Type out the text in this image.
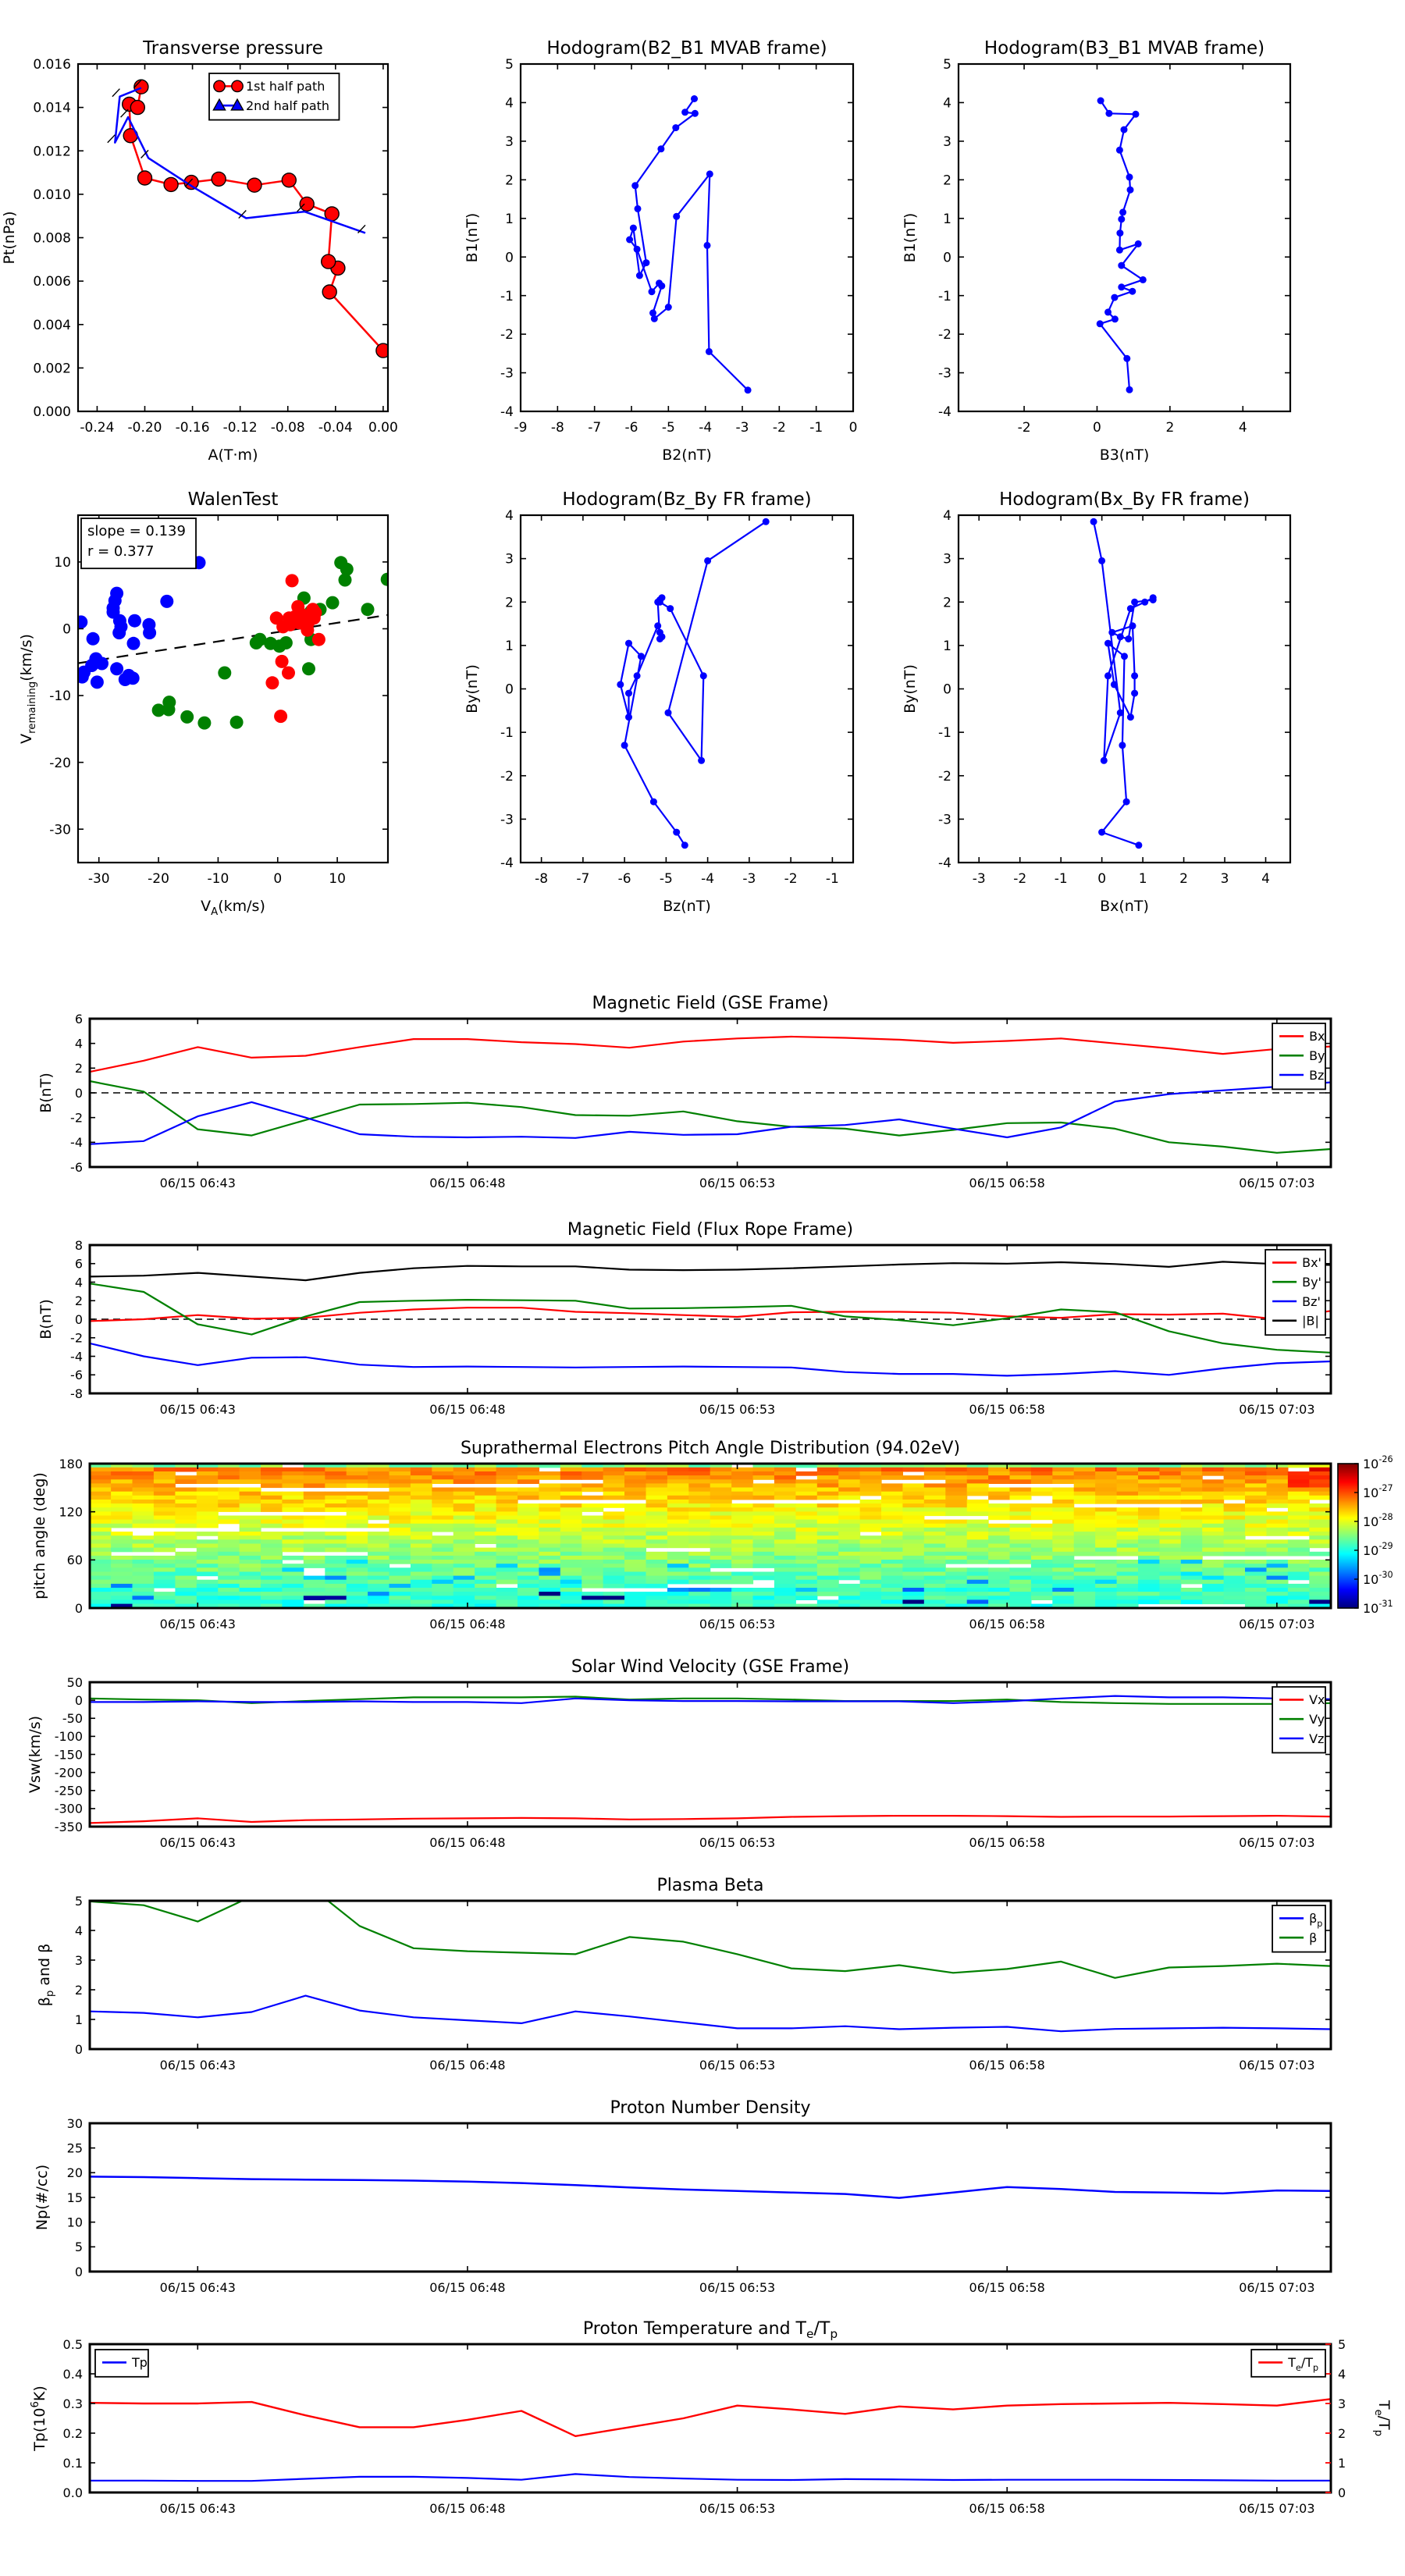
-0.24 -0.20 -0.16 -0.12 -0.08 -0.04 0.00
0.000
0.002
0.004
0.006
0.008
0.010
0.012
0.014
0.016
Transverse pressure
A(T·m)
Pt(nPa)
1st half path
2nd half path
-9 -8 -7 -6 -5 -4 -3 -2 -1 0
-4
-3
-2
-1
0
1
2
3
4
5
Hodogram(B2_B1 MVAB frame)
B2(nT)
B1(nT)
-2	0	2	4
-4
-3
-2
-1
0
1
2
3
4
5
Hodogram(B3_B1 MVAB frame)
B3(nT)
B1(nT)
-30	-20	-10	0	10
10
0
-10
-20
-30
WalenTest
$V_A(km/s)$
$V_{remaining}(km/s)$
slope = 0.139
r = 0.377
-8 -7 -6 -5 -4 -3 -2 -1
-4
-3
-2
-1
0
1
2
3
4
Hodogram(Bz_By FR frame)
Bz(nT)
By(nT)
-3 -2 -1 0 1 2 3 4
-4
-3
-2
-1
0
1
2
3
4
Hodogram(Bx_By FR frame)
Bx(nT)
By(nT)
06/15 06:43	06/15 06:48	06/15 06:53	06/15 06:58	06/15 07:03
-6
-4
-2
0
2
4
6
Magnetic Field (GSE Frame)
B(nT)
Bx
By
Bz
06/15 06:43	06/15 06:48	06/15 06:53	06/15 06:58	06/15 07:03
-8
-6
-4
-2
0
2
4
6
8
Magnetic Field (Flux Rope Frame)
B(nT)
Bx'
By'
Bz'
|B|
06/15 06:43	06/15 06:48	06/15 06:53	06/15 06:58	06/15 07:03
0
60
120
180
Suprathermal Electrons Pitch Angle Distribution (94.02eV)
pitch angle (deg)
$10^{-26}$
$10^{-27}$
$10^{-28}$
$10^{-29}$
$10^{-30}$
$10^{-31}$
06/15 06:43	06/15 06:48	06/15 06:53	06/15 06:58	06/15 07:03
50
0
-50
-100
-150
-200
-250
-300
-350
Solar Wind Velocity (GSE Frame)
Vsw(km/s)
Vx
Vy
Vz
06/15 06:43	06/15 06:48	06/15 06:53	06/15 06:58	06/15 07:03
0
1
2
3
4
5
Plasma Beta
$\beta_p$ and β
$\beta_p$
β
06/15 06:43	06/15 06:48	06/15 06:53	06/15 06:58	06/15 07:03
0
5
10
15
20
25
30
Proton Number Density
Np(#/cc)
06/15 06:43	06/15 06:48	06/15 06:53	06/15 06:58	06/15 07:03
0.0
0.1
0.2
0.3
0.4
0.5
0
1
2
3
4
5
Proton Temperature and $T_e/T_p$
$Tp(10^6K)$
$T_e/T_p$
Tp	$T_e/T_p$
